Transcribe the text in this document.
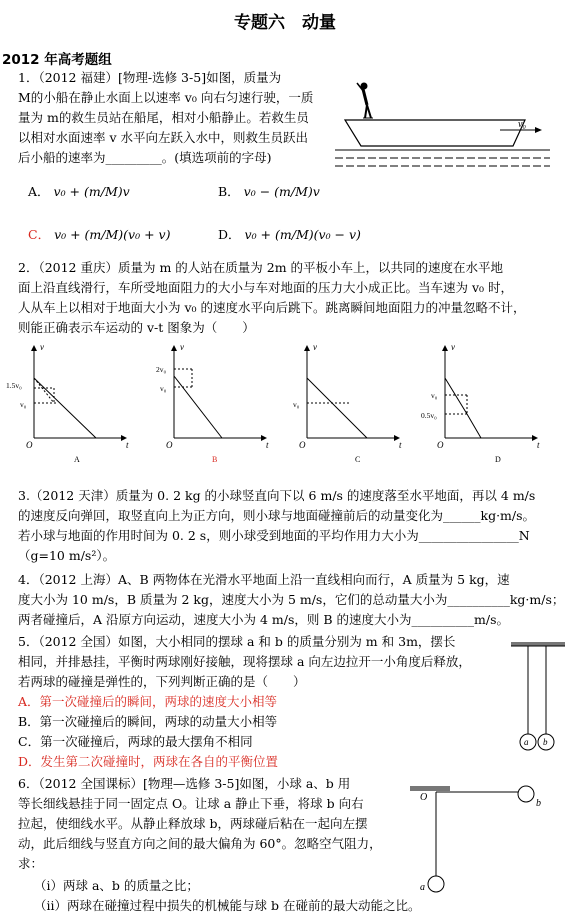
专题六　动量
2012 年高考题组
1．（2012 福建）[物理-选修 3-5]如图，质量为
M的小船在静止水面上以速率 v₀ 向右匀速行驶，一质
量为 m的救生员站在船尾，相对小船静止。若救生员
以相对水面速率 v 水平向左跃入水中，则救生员跃出
后小船的速率为_________。(填选项前的字母)
v₀
A． v₀ + (m/M)v	B． v₀ − (m/M)v
C． v₀ + (m/M)(v₀ + v)	D． v₀ + (m/M)(v₀ − v)
2．（2012 重庆）质量为 m 的人站在质量为 2m 的平板小车上，以共同的速度在水平地
面上沿直线滑行，车所受地面阻力的大小与车对地面的压力大小成正比。当车速为 v₀ 时，
人从车上以相对于地面大小为 v₀ 的速度水平向后跳下。跳离瞬间地面阻力的冲量忽略不计，
则能正确表示车运动的 v-t 图象为（　　）
v
t
O
1.5v₀
v₀
A
v
t
O
2v₀
v₀
B
v
t
O
v₀
C
v
t
O
v₀
0.5v₀
D
3.（2012 天津）质量为 0. 2 kg 的小球竖直向下以 6 m/s 的速度落至水平地面，再以 4 m/s
的速度反向弹回，取竖直向上为正方向，则小球与地面碰撞前后的动量变化为______kg·m/s。
若小球与地面的作用时间为 0. 2 s，则小球受到地面的平均作用力大小为________________N
（g=10 m/s²）。
4．（2012 上海）A、B 两物体在光滑水平地面上沿一直线相向而行，A 质量为 5 kg，速
度大小为 10 m/s，B 质量为 2 kg，速度大小为 5 m/s，它们的总动量大小为__________kg·m/s；
两者碰撞后，A 沿原方向运动，速度大小为 4 m/s，则 B 的速度大小为__________m/s。
5．（2012 全国）如图，大小相同的摆球 a 和 b 的质量分别为 m 和 3m，摆长
相同，并排悬挂，平衡时两球刚好接触，现将摆球 a 向左边拉开一小角度后释放，
若两球的碰撞是弹性的，下列判断正确的是（　　）
A．第一次碰撞后的瞬间，两球的速度大小相等
B．第一次碰撞后的瞬间，两球的动量大小相等
C．第一次碰撞后，两球的最大摆角不相同
D．发生第二次碰撞时，两球在各自的平衡位置
a b
6．（2012 全国课标）[物理—选修 3-5]如图，小球 a、b 用
等长细线悬挂于同一固定点 O。让球 a 静止下垂，将球 b 向右
拉起，使细线水平。从静止释放球 b，两球碰后粘在一起向左摆
动，此后细线与竖直方向之间的最大偏角为 60°。忽略空气阻力，
求：
（i）两球 a、b 的质量之比；
（ii）两球在碰撞过程中损失的机械能与球 b 在碰前的最大动能之比。
O
b
a
